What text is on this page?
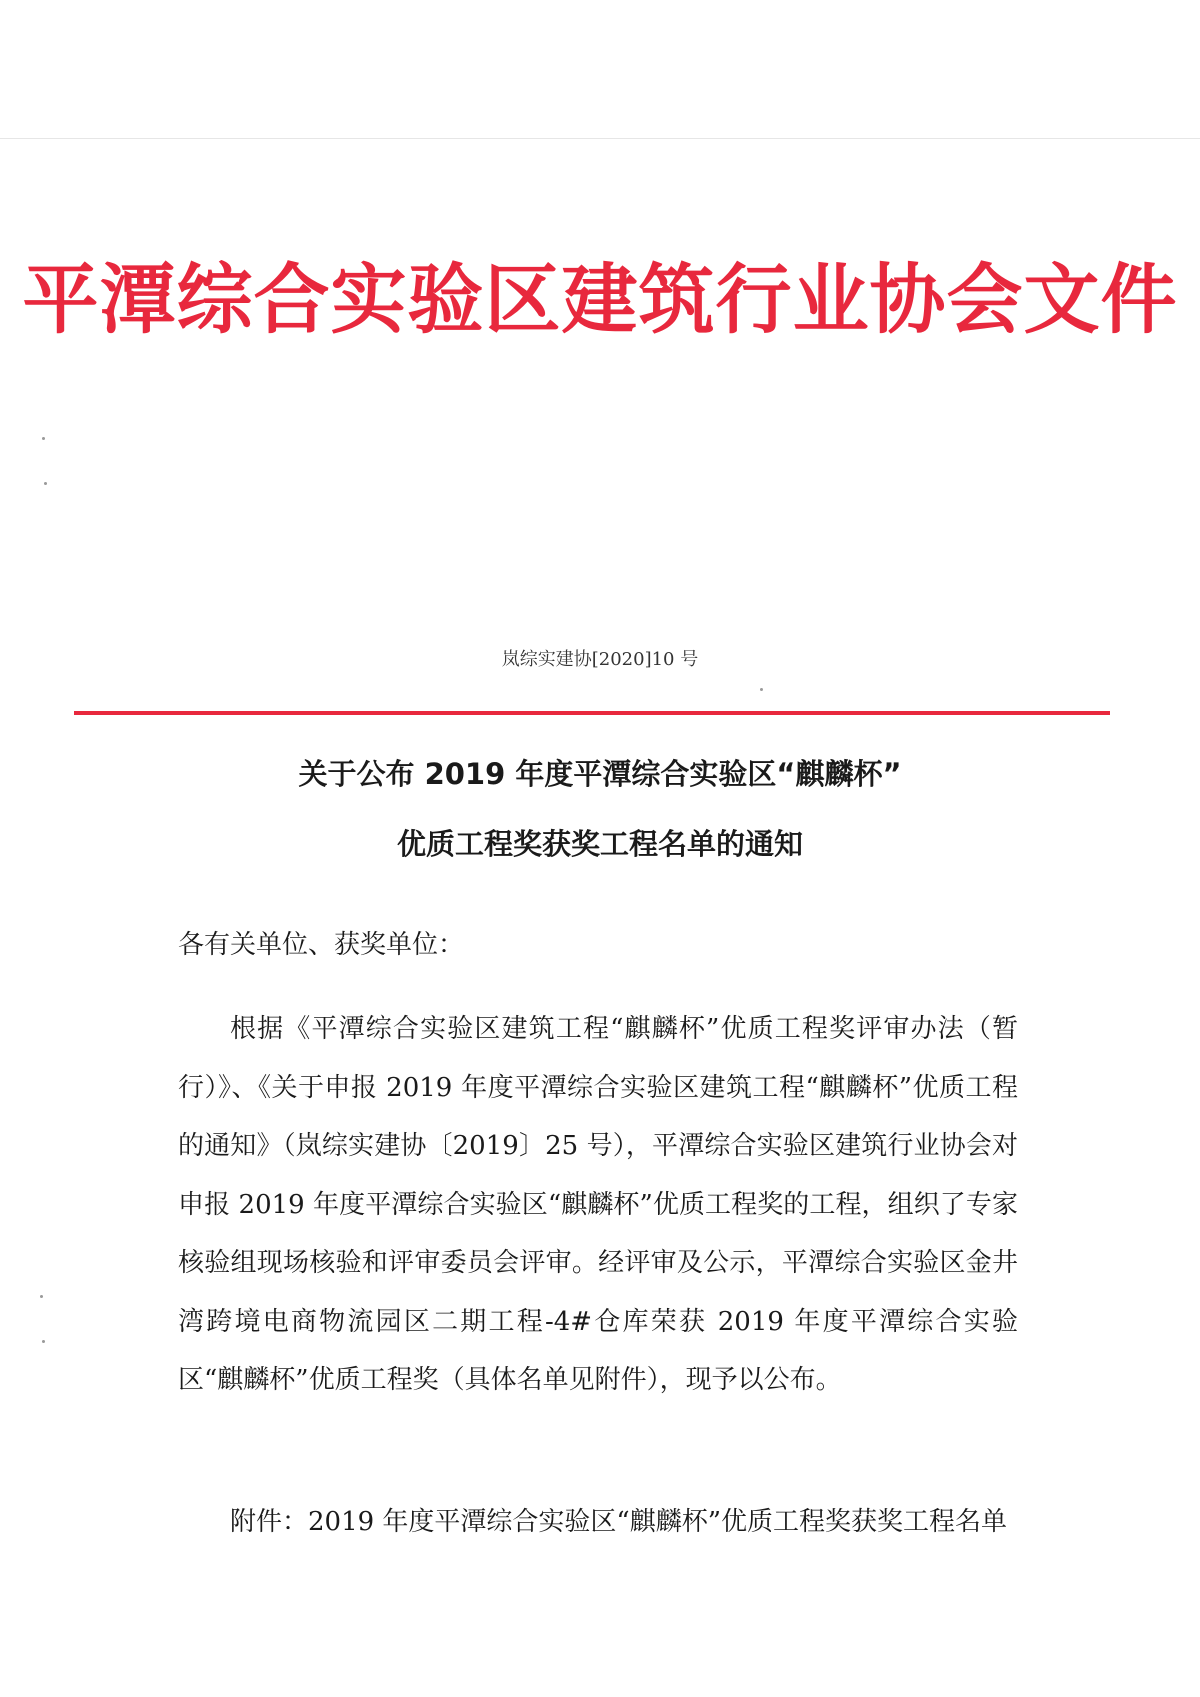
平潭综合实验区建筑行业协会文件
岚综实建协[2020]10 号
关于公布 2019 年度平潭综合实验区“麒麟杯”
优质工程奖获奖工程名单的通知
各有关单位、获奖单位：
根据《平潭综合实验区建筑工程“麒麟杯”优质工程奖评审办法（暂行）》、《关于申报 2019 年度平潭综合实验区建筑工程“麒麟杯”优质工程的通知》（岚综实建协〔2019〕25 号），平潭综合实验区建筑行业协会对申报 2019 年度平潭综合实验区“麒麟杯”优质工程奖的工程，组织了专家核验组现场核验和评审委员会评审。经评审及公示，平潭综合实验区金井湾跨境电商物流园区二期工程-4#仓库荣获 2019 年度平潭综合实验区“麒麟杯”优质工程奖（具体名单见附件），现予以公布。
附件：2019 年度平潭综合实验区“麒麟杯”优质工程奖获奖工程名单
